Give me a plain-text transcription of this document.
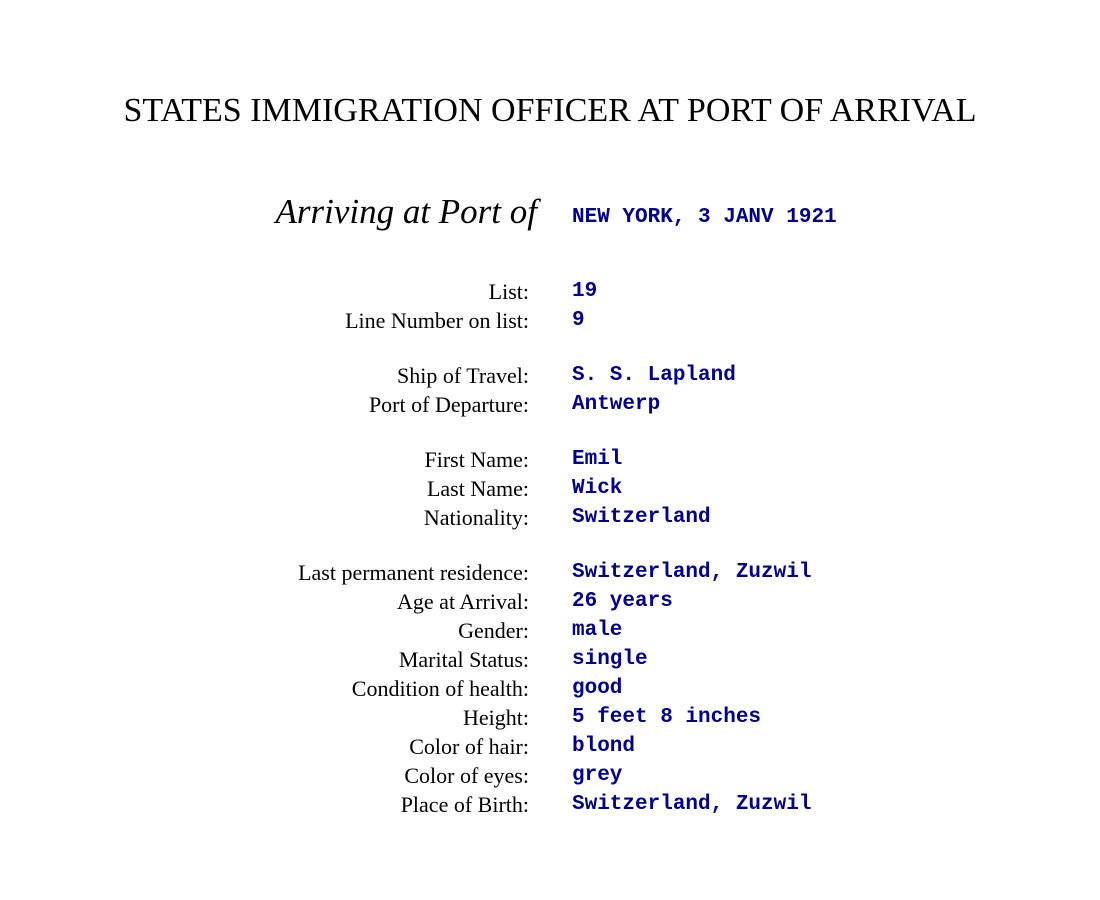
STATES IMMIGRATION OFFICER AT PORT OF ARRIVAL
Arriving at Port of NEW YORK, 3 JANV 1921
List: 19
Line Number on list: 9
Ship of Travel: S. S. Lapland
Port of Departure: Antwerp
First Name: Emil
Last Name: Wick
Nationality: Switzerland
Last permanent residence: Switzerland, Zuzwil
Age at Arrival: 26 years
Gender: male
Marital Status: single
Condition of health: good
Height: 5 feet 8 inches
Color of hair: blond
Color of eyes: grey
Place of Birth: Switzerland, Zuzwil
